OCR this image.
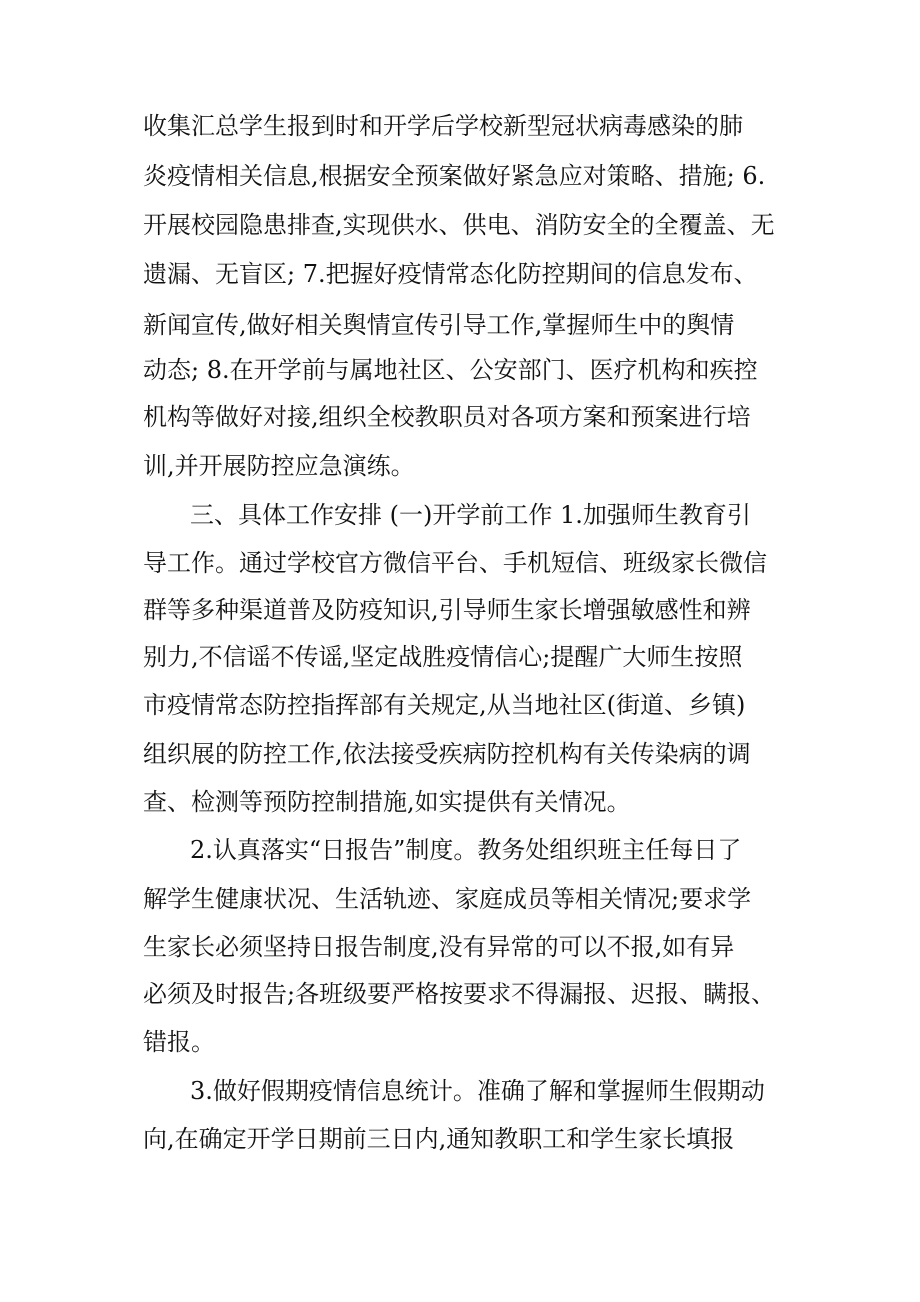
收集汇总学生报到时和开学后学校新型冠状病毒感染的肺
炎疫情相关信息,根据安全预案做好紧急应对策略、措施; 6.
开展校园隐患排查,实现供水、供电、消防安全的全覆盖、无
遗漏、无盲区; 7.把握好疫情常态化防控期间的信息发布、
新闻宣传,做好相关舆情宣传引导工作,掌握师生中的舆情
动态; 8.在开学前与属地社区、公安部门、医疗机构和疾控
机构等做好对接,组织全校教职员对各项方案和预案进行培
训,并开展防控应急演练。
三、具体工作安排 (一)开学前工作 1.加强师生教育引
导工作。通过学校官方微信平台、手机短信、班级家长微信
群等多种渠道普及防疫知识,引导师生家长增强敏感性和辨
别力,不信谣不传谣,坚定战胜疫情信心;提醒广大师生按照
市疫情常态防控指挥部有关规定,从当地社区(街道、乡镇)
组织展的防控工作,依法接受疾病防控机构有关传染病的调
查、检测等预防控制措施,如实提供有关情况。
2.认真落实“日报告”制度。教务处组织班主任每日了
解学生健康状况、生活轨迹、家庭成员等相关情况;要求学
生家长必须坚持日报告制度,没有异常的可以不报,如有异
必须及时报告;各班级要严格按要求不得漏报、迟报、瞒报、
错报。
3.做好假期疫情信息统计。准确了解和掌握师生假期动
向,在确定开学日期前三日内,通知教职工和学生家长填报
